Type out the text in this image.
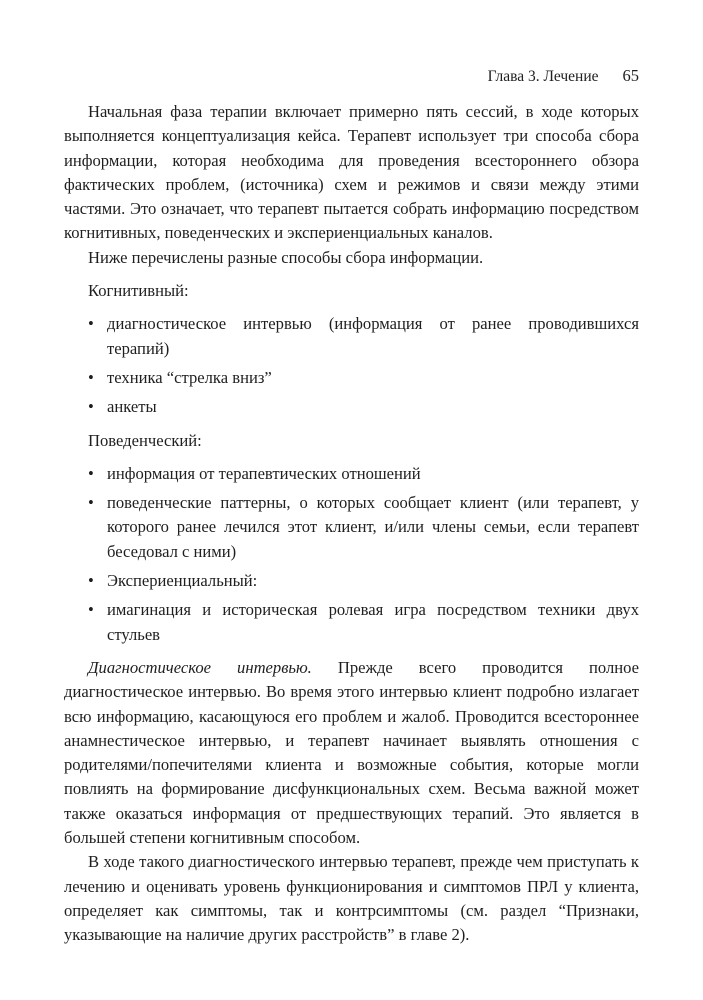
Глава 3. Лечение 65

Начальная фаза терапии включает примерно пять сессий, в ходе которых выполняется концептуализация кейса. Терапевт использует три способа сбора информации, которая необходима для проведения всестороннего обзора фактических проблем, (источника) схем и режимов и связи между этими частями. Это означает, что терапевт пытается собрать информацию посредством когнитивных, поведенческих и экспериенциальных каналов.

Ниже перечислены разные способы сбора информации.

Когнитивный:

• диагностическое интервью (информация от ранее проводившихся терапий)
• техника “стрелка вниз”
• анкеты

Поведенческий:

• информация от терапевтических отношений
• поведенческие паттерны, о которых сообщает клиент (или терапевт, у которого ранее лечился этот клиент, и/или члены семьи, если терапевт беседовал с ними)
• Экспериенциальный:
• имагинация и историческая ролевая игра посредством техники двух стульев

Диагностическое интервью. Прежде всего проводится полное диагностическое интервью. Во время этого интервью клиент подробно излагает всю информацию, касающуюся его проблем и жалоб. Проводится всестороннее анамнестическое интервью, и терапевт начинает выявлять отношения с родителями/попечителями клиента и возможные события, которые могли повлиять на формирование дисфункциональных схем. Весьма важной может также оказаться информация от предшествующих терапий. Это является в большей степени когнитивным способом.

В ходе такого диагностического интервью терапевт, прежде чем приступать к лечению и оценивать уровень функционирования и симптомов ПРЛ у клиента, определяет как симптомы, так и контрсимптомы (см. раздел “Признаки, указывающие на наличие других расстройств” в главе 2).
